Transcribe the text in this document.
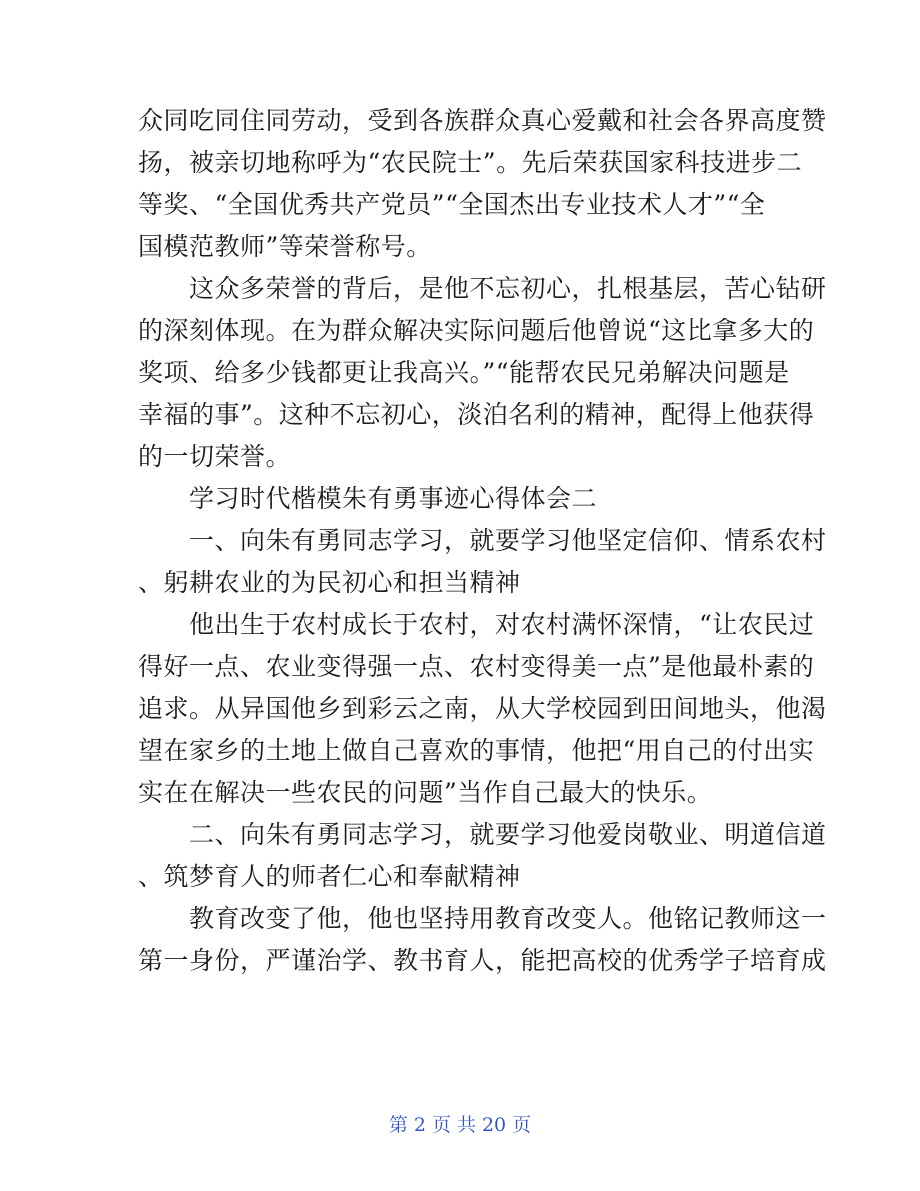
众同吃同住同劳动，受到各族群众真心爱戴和社会各界高度赞
扬，被亲切地称呼为“农民院士”。先后荣获国家科技进步二
等奖、“全国优秀共产党员”“全国杰出专业技术人才”“全
国模范教师”等荣誉称号。
　　这众多荣誉的背后，是他不忘初心，扎根基层，苦心钻研
的深刻体现。在为群众解决实际问题后他曾说“这比拿多大的
奖项、给多少钱都更让我高兴。”“能帮农民兄弟解决问题是
幸福的事”。这种不忘初心，淡泊名利的精神，配得上他获得
的一切荣誉。
　　学习时代楷模朱有勇事迹心得体会二
　　一、向朱有勇同志学习，就要学习他坚定信仰、情系农村
、躬耕农业的为民初心和担当精神
　　他出生于农村成长于农村，对农村满怀深情，“让农民过
得好一点、农业变得强一点、农村变得美一点”是他最朴素的
追求。从异国他乡到彩云之南，从大学校园到田间地头，他渴
望在家乡的土地上做自己喜欢的事情，他把“用自己的付出实
实在在解决一些农民的问题”当作自己最大的快乐。
　　二、向朱有勇同志学习，就要学习他爱岗敬业、明道信道
、筑梦育人的师者仁心和奉献精神
　　教育改变了他，他也坚持用教育改变人。他铭记教师这一
第一身份，严谨治学、教书育人，能把高校的优秀学子培育成
第 2 页 共 20 页
